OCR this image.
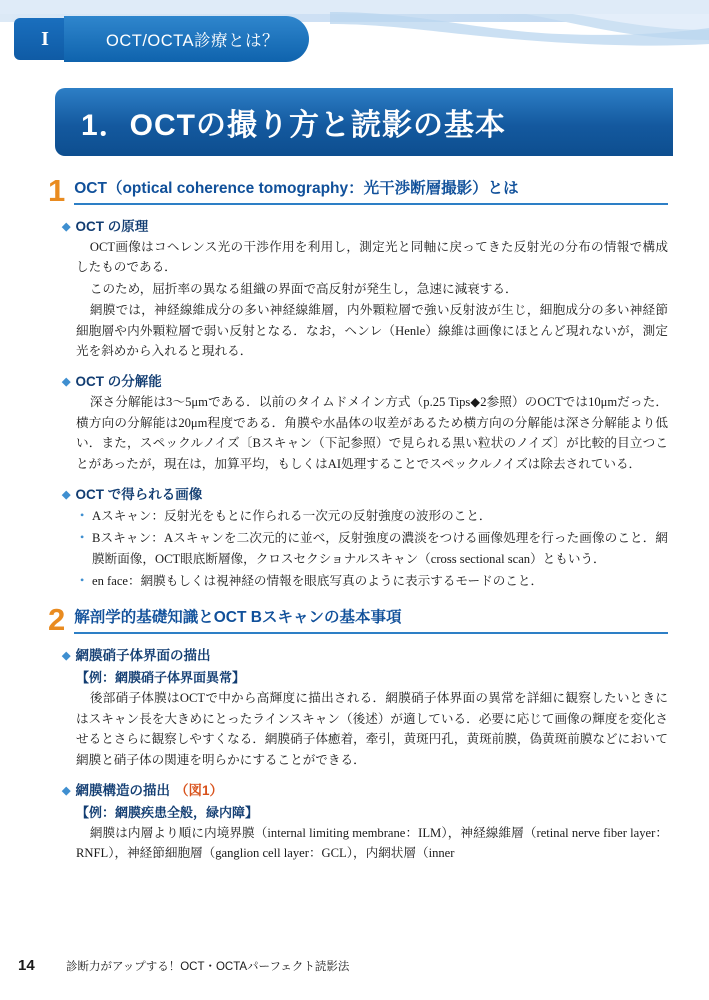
I	OCT/OCTA診療とは？
1．OCTの撮り方と読影の基本
1 OCT（optical coherence tomography：光干渉断層撮影）とは
◆ OCT の原理

OCT画像はコヘレンス光の干渉作用を利用し，測定光と同軸に戻ってきた反射光の分布の情報で構成したものである．

このため，屈折率の異なる組織の界面で高反射が発生し，急速に減衰する．

網膜では，神経線維成分の多い神経線維層，内外顆粒層で強い反射波が生じ，細胞成分の多い神経節細胞層や内外顆粒層で弱い反射となる．なお，ヘンレ（Henle）線維は画像にほとんど現れないが，測定光を斜めから入れると現れる．

◆ OCT の分解能

深さ分解能は3〜5μmである．以前のタイムドメイン方式（p.25 Tips◆2参照）のOCTでは10μmだった．横方向の分解能は20μm程度である．角膜や水晶体の収差があるため横方向の分解能は深さ分解能より低い．また，スペックルノイズ〔Bスキャン（下記参照）で見られる黒い粒状のノイズ〕が比較的目立つことがあったが，現在は，加算平均，もしくはAI処理することでスペックルノイズは除去されている．

◆ OCT で得られる画像
• Aスキャン：反射光をもとに作られる一次元の反射強度の波形のこと．
• Bスキャン：Aスキャンを二次元的に並べ，反射強度の濃淡をつける画像処理を行った画像のこと．網膜断面像，OCT眼底断層像，クロスセクショナルスキャン（cross sectional scan）ともいう．
• en face：網膜もしくは視神経の情報を眼底写真のように表示するモードのこと．
2 解剖学的基礎知識とOCT Bスキャンの基本事項
◆ 網膜硝子体界面の描出
【例：網膜硝子体界面異常】

後部硝子体膜はOCTで中から高輝度に描出される．網膜硝子体界面の異常を詳細に観察したいときにはスキャン長を大きめにとったラインスキャン（後述）が適している．必要に応じて画像の輝度を変化させるとさらに観察しやすくなる．網膜硝子体癒着，牽引，黄斑円孔，黄斑前膜，偽黄斑前膜などにおいて網膜と硝子体の関連を明らかにすることができる．

◆ 網膜構造の描出 （図1）
【例：網膜疾患全般，緑内障】

網膜は内層より順に内境界膜（internal limiting membrane：ILM），神経線維層（retinal nerve fiber layer：RNFL），神経節細胞層（ganglion cell layer：GCL），内網状層（inner

14	診断力がアップする！OCT・OCTAパーフェクト読影法
